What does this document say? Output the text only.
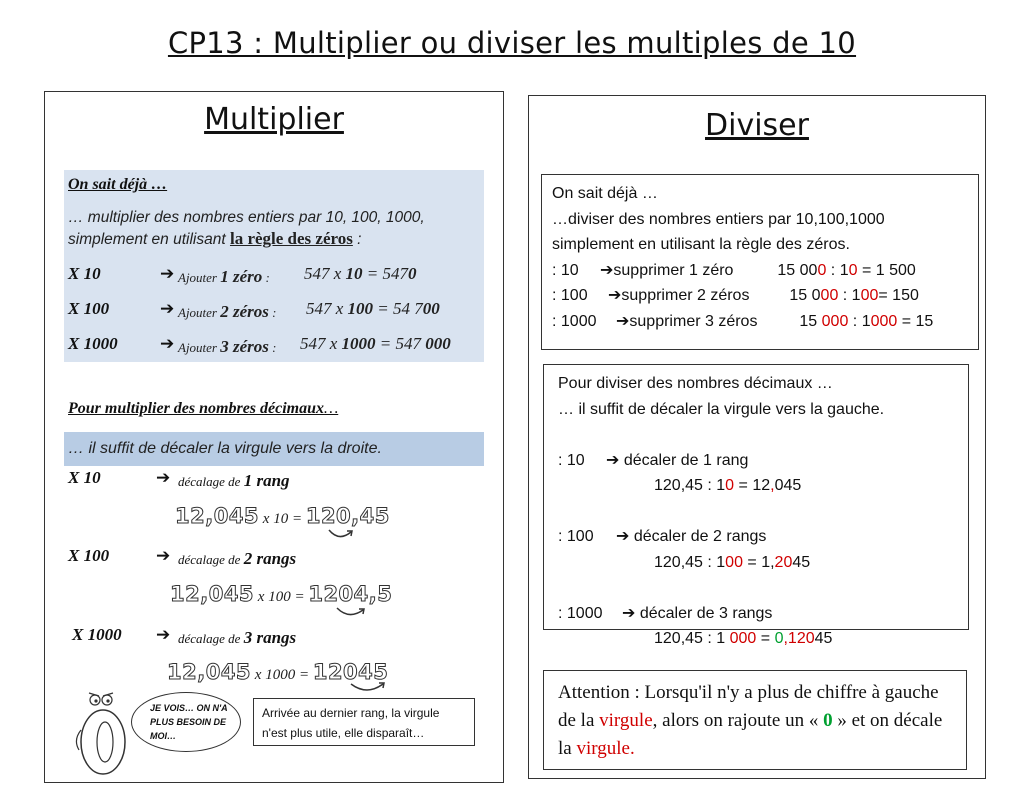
CP13 : Multiplier ou diviser les multiples de 10
Multiplier
On sait déjà …
… multiplier des nombres entiers par 10, 100, 1000, simplement en utilisant la règle des zéros :
X 10	➔ Ajouter 1 zéro : 547 x 10 = 5470
X 100	➔ Ajouter 2 zéros : 547 x 100 = 54 700
X 1000 ➔ Ajouter 3 zéros : 547 x 1000 = 547 000
Pour multiplier des nombres décimaux…
… il suffit de décaler la virgule vers la droite.
X 10	➔ décalage de 1 rang
12,045 x 10 = 120,45
X 100	➔ décalage de 2 rangs
12,045 x 100 = 1204,5
X 1000 ➔ décalage de 3 rangs
12,045 x 1000 = 12045
JE VOIS… ON N'A PLUS BESOIN DE MOI…
Arrivée au dernier rang, la virgule n'est plus utile, elle disparaît…
Diviser
On sait déjà …
…diviser des nombres entiers par 10,100,1000
simplement en utilisant la règle des zéros.
: 10 ➔supprimer 1 zéro	15 000 : 10 = 1 500
: 100 ➔supprimer 2 zéros 15 000 : 100= 150
: 1000 ➔supprimer 3 zéros	15 000 : 1000 = 15
Pour diviser des nombres décimaux …
… il suffit de décaler la virgule vers la gauche.

: 10 ➔ décaler de 1 rang
120,45 : 10 = 12,045

: 100 ➔ décaler de 2 rangs
120,45 : 100 = 1,2045

: 1000 ➔ décaler de 3 rangs
120,45 : 1 000 = 0,12045
Attention : Lorsqu'il n'y a plus de chiffre à gauche de la virgule, alors on rajoute un « 0 » et on décale la virgule.
